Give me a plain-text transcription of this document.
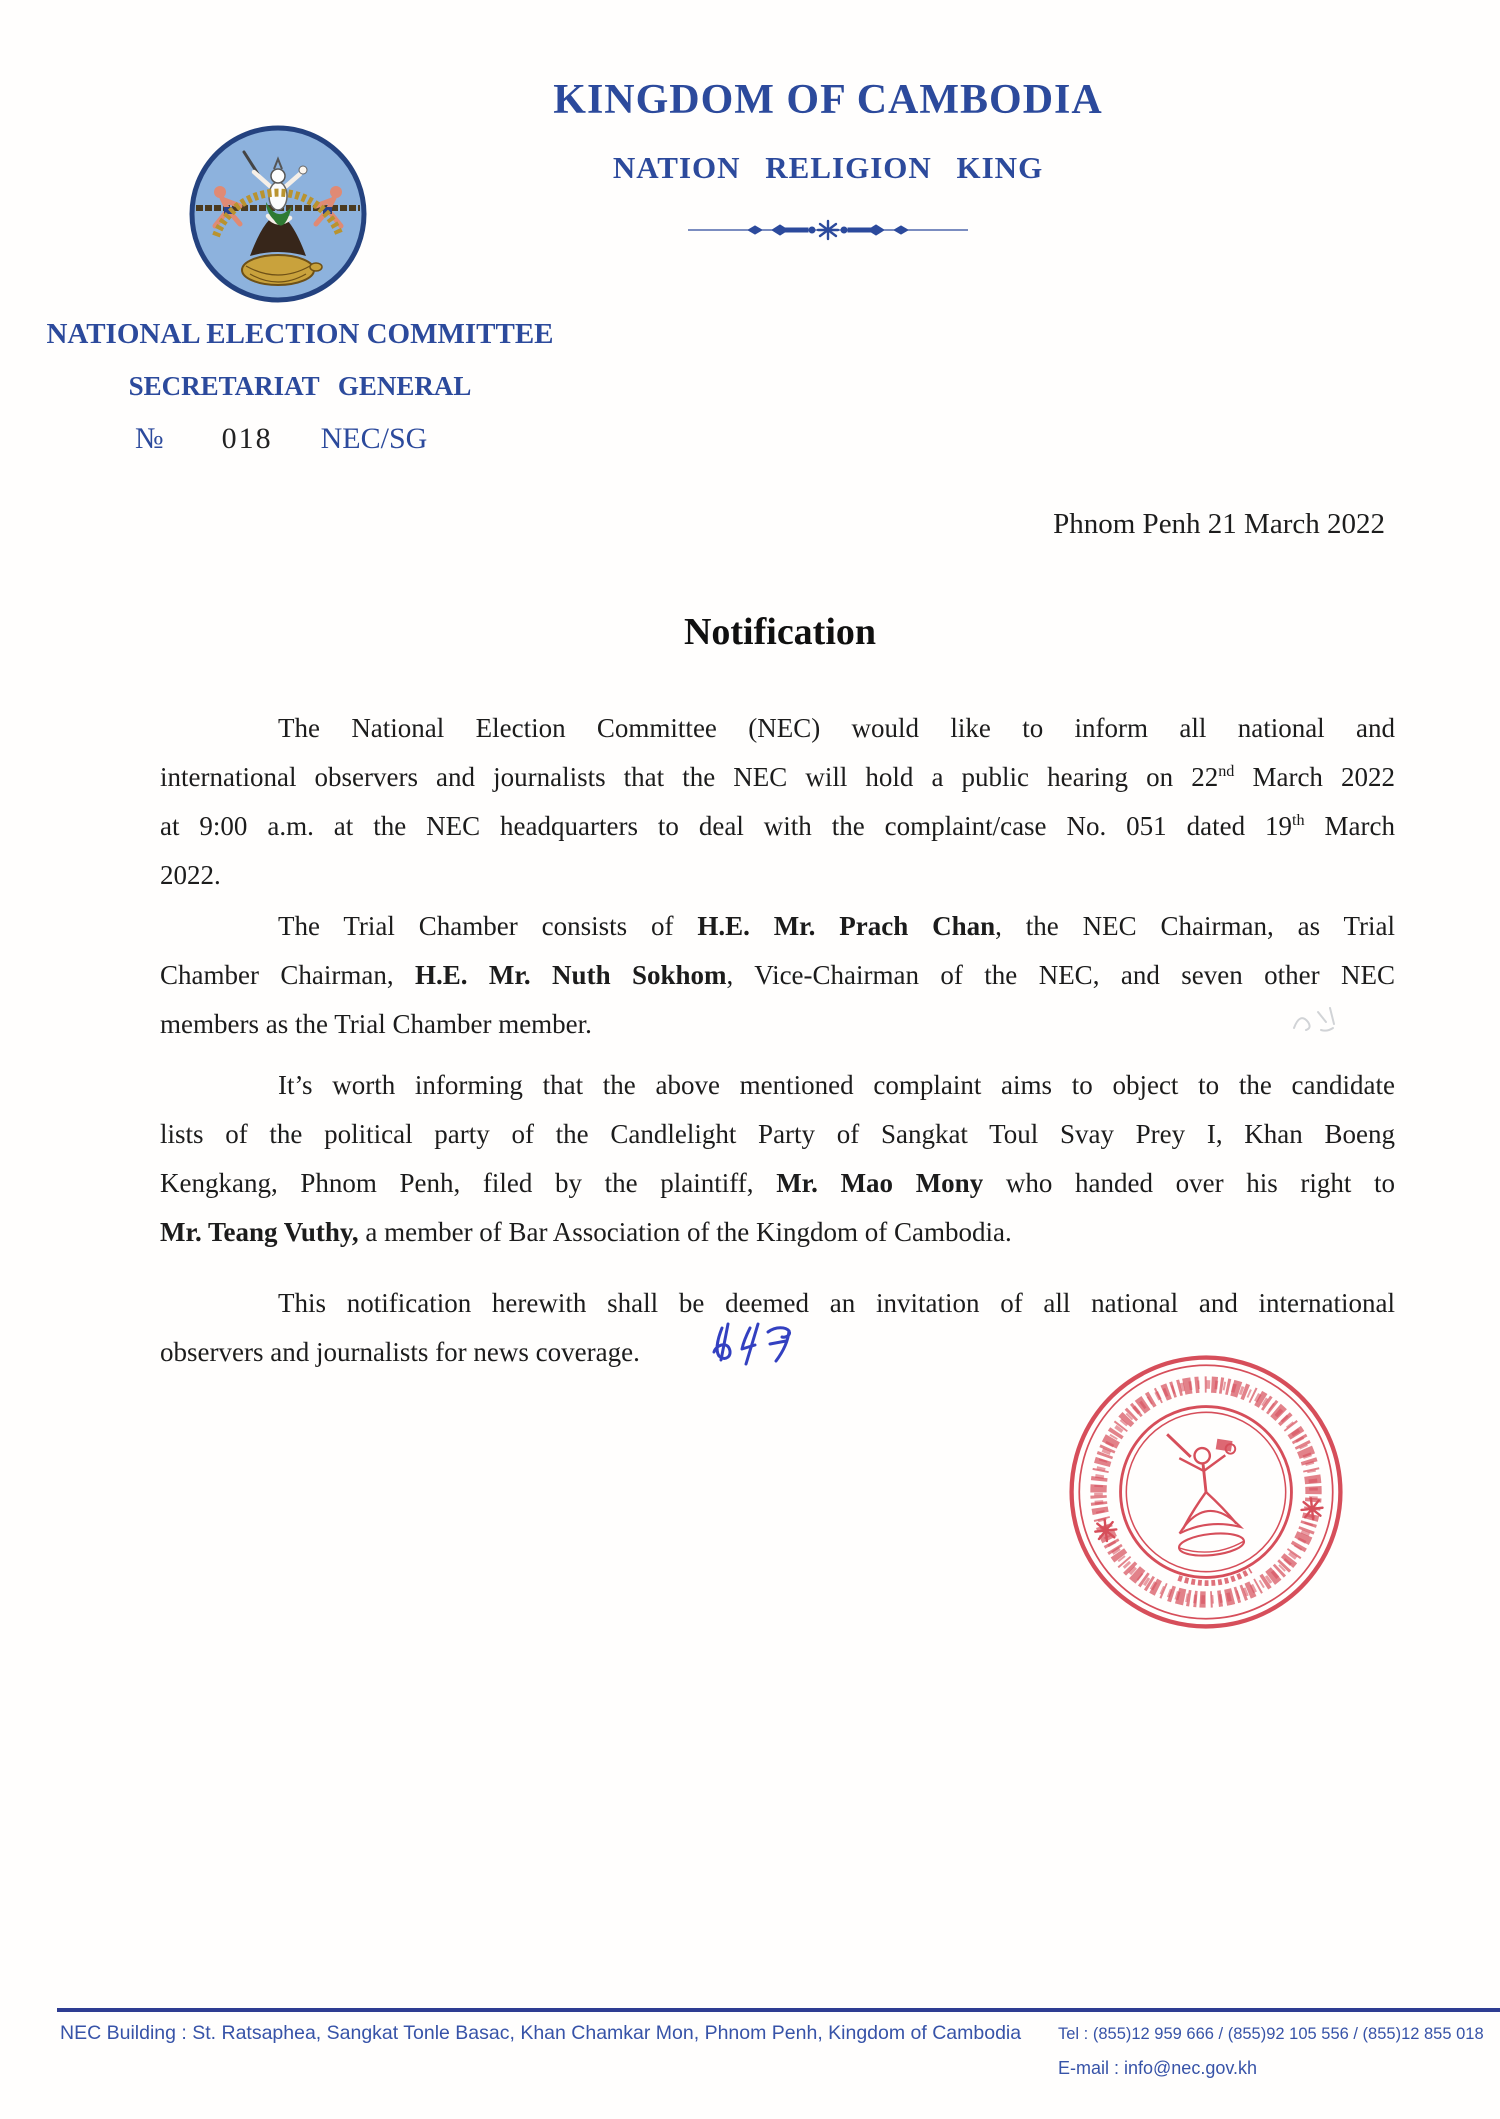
KINGDOM OF CAMBODIA
NATION RELIGION KING
NATIONAL ELECTION COMMITTEE
SECRETARIAT GENERAL
№ 018 NEC/SG
Phnom Penh 21 March 2022
Notification
The National Election Committee (NEC) would like to inform all national and
international observers and journalists that the NEC will hold a public hearing on 22nd March 2022
at 9:00 a.m. at the NEC headquarters to deal with the complaint/case No. 051 dated 19th March
2022.
The Trial Chamber consists of H.E. Mr. Prach Chan, the NEC Chairman, as Trial
Chamber Chairman, H.E. Mr. Nuth Sokhom, Vice-Chairman of the NEC, and seven other NEC
members as the Trial Chamber member.
It’s worth informing that the above mentioned complaint aims to object to the candidate
lists of the political party of the Candlelight Party of Sangkat Toul Svay Prey I, Khan Boeng
Kengkang, Phnom Penh, filed by the plaintiff, Mr. Mao Mony who handed over his right to
Mr. Teang Vuthy, a member of Bar Association of the Kingdom of Cambodia.
This notification herewith shall be deemed an invitation of all national and international
observers and journalists for news coverage.
NEC Building : St. Ratsaphea, Sangkat Tonle Basac, Khan Chamkar Mon, Phnom Penh, Kingdom of Cambodia	Tel : (855)12 959 666 / (855)92 105 556 / (855)12 855 018
E-mail : info@nec.gov.kh
